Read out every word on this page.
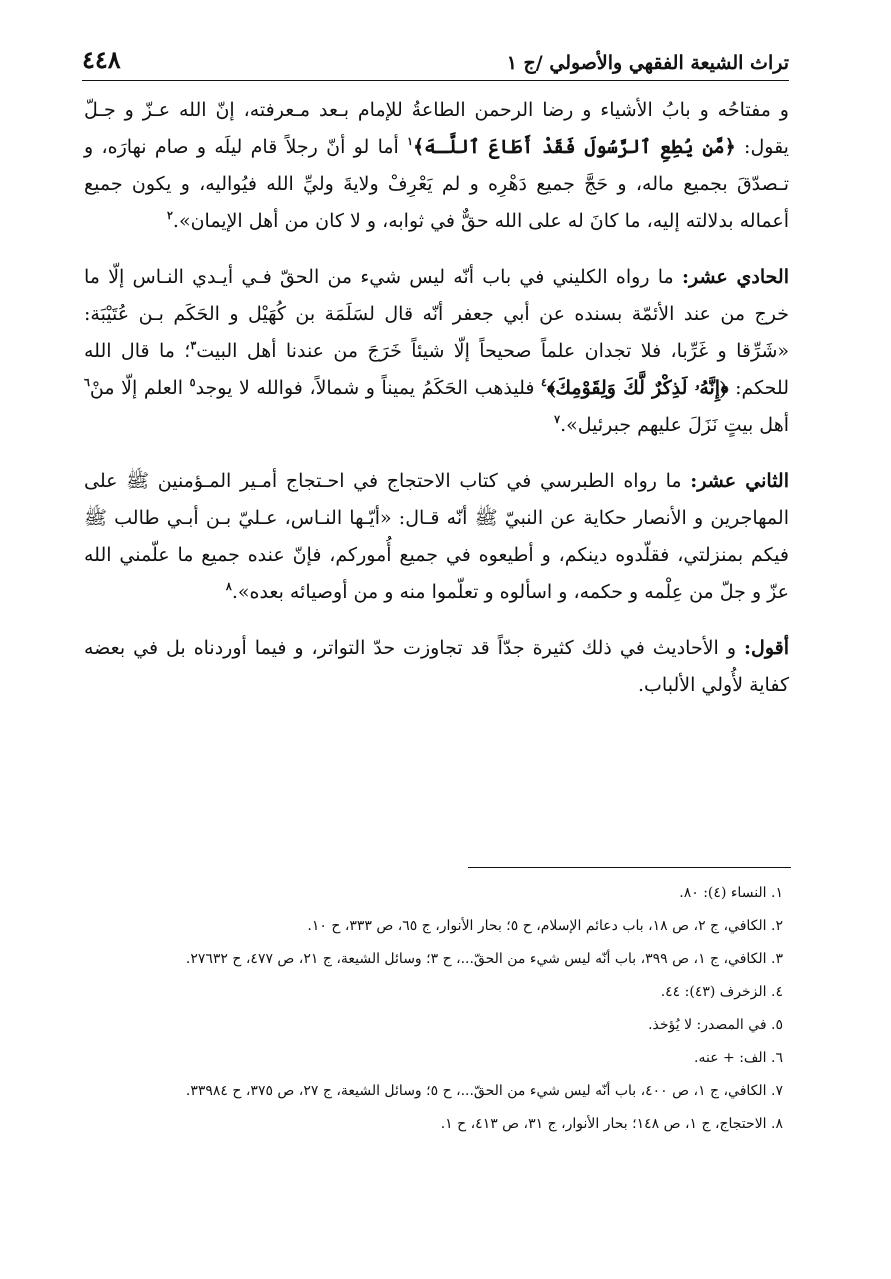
تراث الشيعة الفقهي والأصولي /ج ١
٤٤٨

و مفتاحُه و بابُ الأشياء و رضا الرحمن الطاعةُ للإمام بـعد مـعرفته، إنّ الله عـزّ و جـلّ يقول: ﴿مَّن يُطِعِ ٱلرَّسُولَ فَقَدْ أَطَاعَ ٱللَّـهَ﴾$^١$ أما لو أنّ رجلاً قام ليلَه و صام نهارَه، و تـصدّقَ بجميع ماله، و حَجَّ جميع دَهْرِه و لم يَعْرِفْ ولايةَ وليِّ الله فيُواليه، و يكون جميع أعماله بدلالته إليه، ما كانَ له على الله حقٌّ في ثوابه، و لا كان من أهل الإيمان».$^٢$

الحادي عشر: ما رواه الكليني في باب أنّه ليس شيء من الحقّ فـي أيـدي النـاس إلّا ما خرج من عند الأئمّة بسنده عن أبي جعفر أنّه قال لسَلَمَة بن كُهَيْل و الحَكَم بـن عُتَيْبَة: «شَرِّقا و غَرِّبا، فلا تجدان علماً صحيحاً إلّا شيئاً خَرَجَ من عندنا أهل البيت$^٣$؛ ما قال الله للحكم: ﴿إِنَّهُۥ لَذِكْرٌ لَّكَ وَلِقَوْمِكَ﴾$^٤$ فليذهب الحَكَمُ يميناً و شمالاً، فوالله لا يوجد$^٥$ العلم إلّا منْ$^٦$ أهل بيتٍ نَزَلَ عليهم جبرئيل».$^٧$

الثاني عشر: ما رواه الطبرسي في كتاب الاحتجاج في احـتجاج أمـير المـؤمنين ﷺ على المهاجرين و الأنصار حكاية عن النبيّ ﷺ أنّه قـال: «أيّـها النـاس، عـليّ بـن أبـي طالب ﷺ فيكم بمنزلتي، فقلّدوه دينكم، و أطيعوه في جميع أُموركم، فإنّ عنده جميع ما علّمني الله عزّ و جلّ من عِلْمه و حكمه، و اسألوه و تعلّموا منه و من أوصيائه بعده».$^٨$

أقول: و الأحاديث في ذلك كثيرة جدّاً قد تجاوزت حدّ التواتر، و فيما أوردناه بل في بعضه كفاية لأُولي الألباب.

١. النساء (٤): ٨٠.
٢. الكافي، ج ٢، ص ١٨، باب دعائم الإسلام، ح ٥؛ بحار الأنوار، ج ٦٥، ص ٣٣٣، ح ١٠.
٣. الكافي، ج ١، ص ٣٩٩، باب أنّه ليس شيء من الحقّ...، ح ٣؛ وسائل الشيعة، ج ٢١، ص ٤٧٧، ح ٢٧٦٣٢.
٤. الزخرف (٤٣): ٤٤.
٥. في المصدر: لا يُؤخذ.
٦. الف: + عنه.
٧. الكافي، ج ١، ص ٤٠٠، باب أنّه ليس شيء من الحقّ...، ح ٥؛ وسائل الشيعة، ج ٢٧، ص ٣٧٥، ح ٣٣٩٨٤.
٨. الاحتجاج، ج ١، ص ١٤٨؛ بحار الأنوار، ج ٣١، ص ٤١٣، ح ١.
